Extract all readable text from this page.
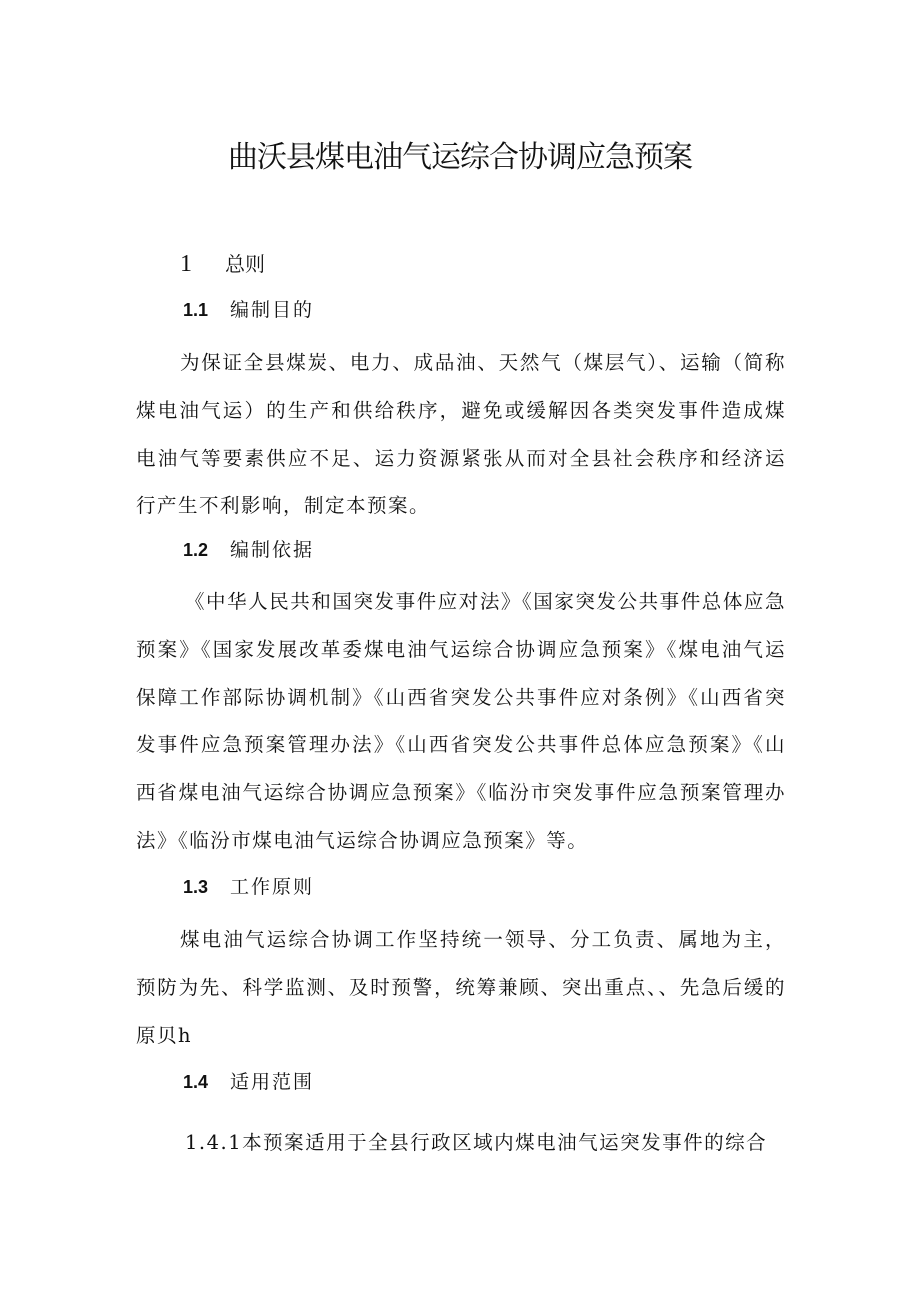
曲沃县煤电油气运综合协调应急预案
1 总则
1.1 编制目的

为保证全县煤炭、电力、成品油、天然气（煤层气）、运输（简称煤电油气运）的生产和供给秩序，避免或缓解因各类突发事件造成煤电油气等要素供应不足、运力资源紧张从而对全县社会秩序和经济运行产生不利影响，制定本预案。

1.2 编制依据

《中华人民共和国突发事件应对法》《国家突发公共事件总体应急预案》《国家发展改革委煤电油气运综合协调应急预案》《煤电油气运保障工作部际协调机制》《山西省突发公共事件应对条例》《山西省突发事件应急预案管理办法》《山西省突发公共事件总体应急预案》《山西省煤电油气运综合协调应急预案》《临汾市突发事件应急预案管理办法》《临汾市煤电油气运综合协调应急预案》等。

1.3 工作原则

煤电油气运综合协调工作坚持统一领导、分工负责、属地为主，预防为先、科学监测、及时预警，统筹兼顾、突出重点、、先急后缓的原贝h

1.4 适用范围

1.4.1本预案适用于全县行政区域内煤电油气运突发事件的综合
